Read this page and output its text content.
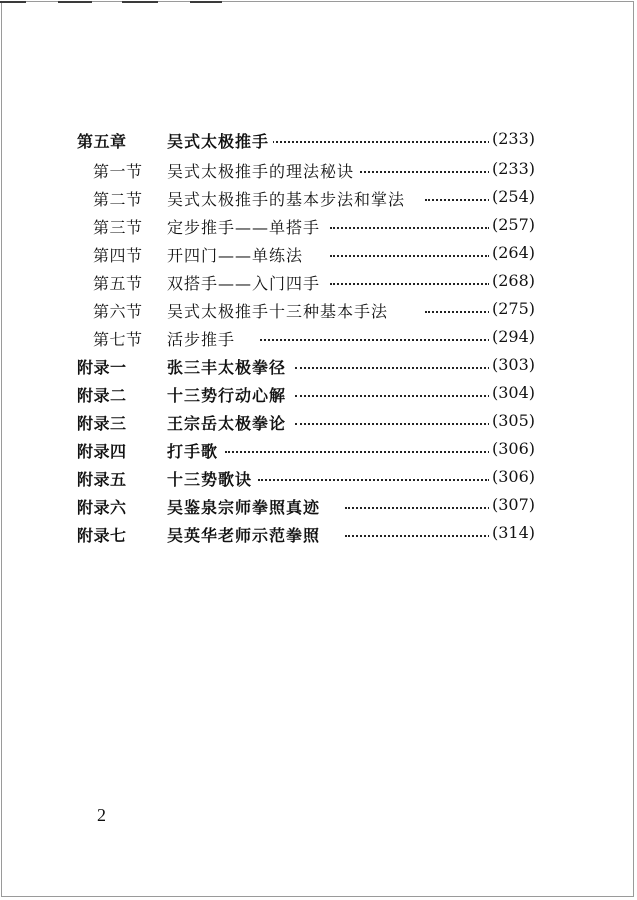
第五章	吴式太极推手	(233)
第一节 吴式太极推手的理法秘诀	(233)
第二节 吴式太极推手的基本步法和掌法	(254)
第三节 定步推手——单搭手	(257)
第四节 开四门——单练法	(264)
第五节 双搭手——入门四手	(268)
第六节 吴式太极推手十三种基本手法	(275)
第七节 活步推手	(294)
附录一	张三丰太极拳径	(303)
附录二	十三势行动心解	(304)
附录三	王宗岳太极拳论	(305)
附录四	打手歌	(306)
附录五	十三势歌诀	(306)
附录六	吴鉴泉宗师拳照真迹	(307)
附录七	吴英华老师示范拳照	(314)
2
